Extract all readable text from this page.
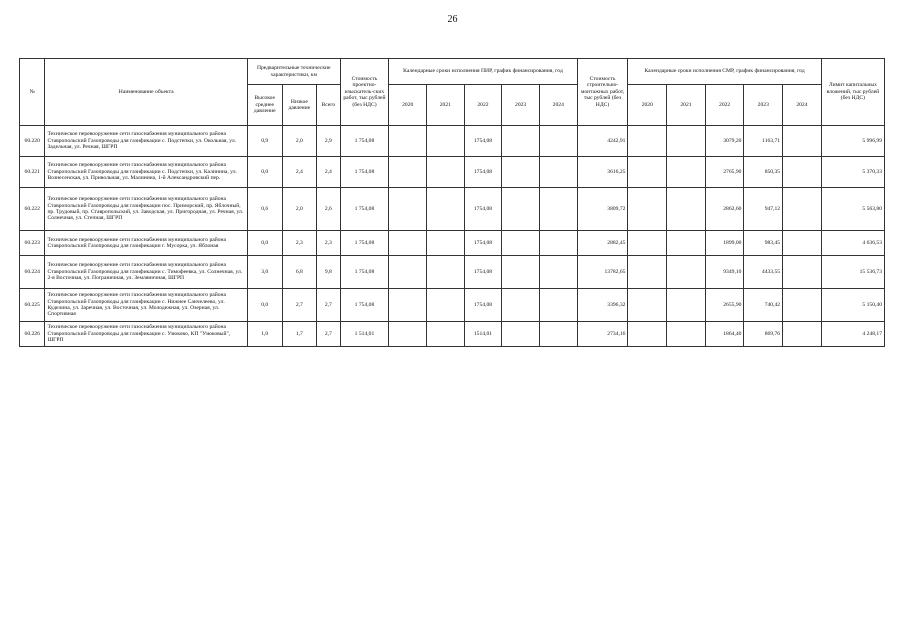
26
№	Наименование объекта	Предварительные технические характеристики, км			Стоимость проектно-изыскатель-ских работ, тыс рублей (без НДС)	Календарные сроки исполнения ПИР, график финансирования, год					Стоимость строительно-монтажных работ, тыс рублей (без НДС)	Календарные сроки исполнения СМР, график финансирования, год					Лимит капитальных вложений, тыс рублей (без НДС)
		Высокое среднее давление	Низкое давление	Всего		2020	2021	2022	2023	2024		2020	2021	2022	2023	2024	
60.220	Техническое перевооружение сети газоснабжения муниципального района Ставропольский Газопроводы для газификации с. Подстепки, ул. Окольная, ул. Задельная, ул. Речная, ШГРП	0,9	2,0	2,9	1 754,08			1754,08			4242,91			3079,20	1163,71		5 996,99
60.221	Техническое перевооружение сети газоснабжения муниципального района Ставропольский Газопроводы для газификации с. Подстепки, ул. Калинина, ул. Вознесенская, ул. Привольная, ул. Малинина, 1-й Александровский пер.	0,0	2,4	2,4	1 754,08			1754,08			3616,25			2765,90	850,35		5 370,33
60.222	Техническое перевооружение сети газоснабжения муниципального района Ставропольский Газопроводы для газификации пос. Приморский, пр. Яблочный, пр. Трудовый, пр. Ставропольский, ул. Заводская, ул. Пригородная, ул. Речная, ул. Солнечная, ул. Степная, ШГРП	0,6	2,0	2,6	1 754,08			1754,08			3809,72			2862,60	947,12		5 563,80
60.223	Техническое перевооружение сети газоснабжения муниципального района Ставропольский Газопроводы для газификации г. Мусорка, ул. Яблоная	0,0	2,3	2,3	1 754,08			1754,08			2882,45			1899,00	983,45		4 636,53
60.224	Техническое перевооружение сети газоснабжения муниципального района Ставропольский Газопроводы для газификации с. Тимофеевка, ул. Солнечная, ул. 2-я Восточная, ул. Пограничная, ул. Земляничная, ШГРП	3,0	6,8	9,8	1 754,08			1754,08			13782,65			9349,10	4433,55		15 536,73
60.225	Техническое перевооружение сети газоснабжения муниципального района Ставропольский Газопроводы для газификации с. Нижнее Санчелеево, ул. Куделина, ул. Заречная, ул. Восточная, ул. Молодежная, ул. Озерная, ул. Спортивная	0,0	2,7	2,7	1 754,08			1754,08			3396,32			2655,90	740,42		5 150,40
60.226	Техническое перевооружение сети газоснабжения муниципального района Ставропольский Газопроводы для газификации с. Узюково, КП "Узюковый", ШГРП	1,0	1,7	2,7	1 514,01			1514,01			2734,16			1864,40	869,76		4 248,17
